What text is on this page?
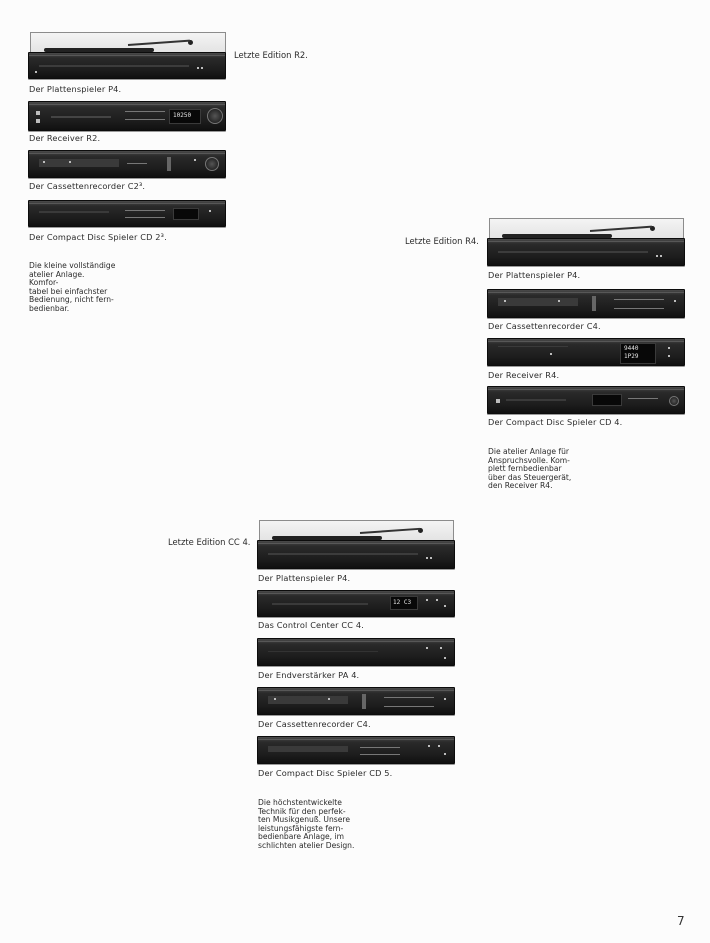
Letzte Edition R2.
Der Plattenspieler P4.
10250
Der Receiver R2.
Der Cassettenrecorder C2³.
Der Compact Disc Spieler CD 2³.
Die kleine vollständige
atelier Anlage.
Komfor-
tabel bei einfachster
Bedienung, nicht fern-
bedienbar.
Letzte Edition R4.
Der Plattenspieler P4.
Der Cassettenrecorder C4.
9440
1P29
Der Receiver R4.
Der Compact Disc Spieler CD 4.
Die atelier Anlage für
Anspruchsvolle. Kom-
plett fernbedienbar
über das Steuergerät,
den Receiver R4.
Letzte Edition CC 4.
Der Plattenspieler P4.
12 C3
Das Control Center CC 4.
Der Endverstärker PA 4.
Der Cassettenrecorder C4.
Der Compact Disc Spieler CD 5.
Die höchstentwickelte
Technik für den perfek-
ten Musikgenuß. Unsere
leistungsfähigste fern-
bedienbare Anlage, im
schlichten atelier Design.
7
